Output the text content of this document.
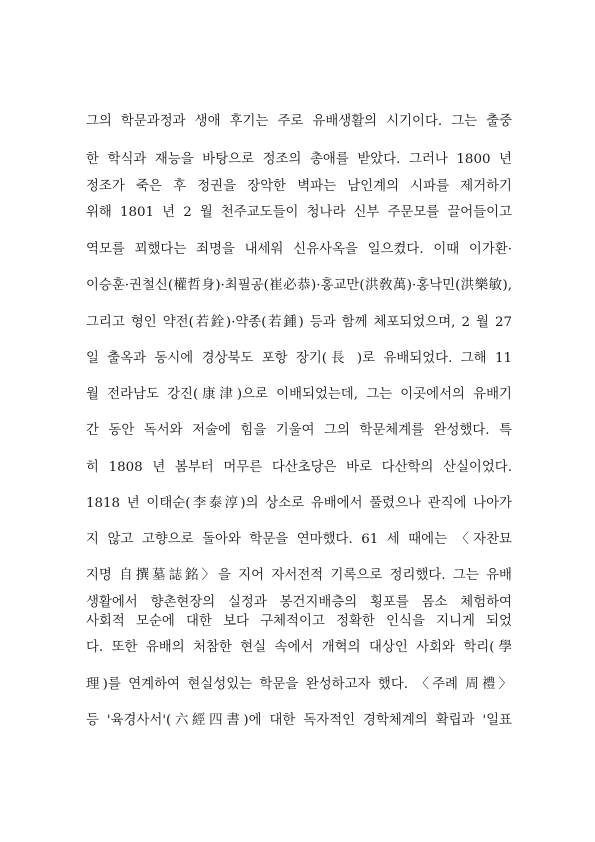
그의 학문과정과 생애 후기는 주로 유배생활의 시기이다. 그는 출중
한 학식과 재능을 바탕으로 정조의 총애를 받았다. 그러나 1800 년
정조가 죽은 후 정권을 장악한 벽파는 남인계의 시파를 제거하기
위해 1801 년 2 월 천주교도들이 청나라 신부 주문모를 끌어들이고
역모를 꾀했다는 죄명을 내세워 신유사옥을 일으켰다. 이때 이가환·
이승훈·권철신(權哲身)·최필공(崔必恭)·홍교만(洪敎萬)·홍낙민(洪樂敏),
그리고 형인 약전(若銓)·약종(若鍾) 등과 함께 체포되었으며, 2 월 27
일 출옥과 동시에 경상북도 포항 장기(長 )로 유배되었다. 그해 11
월 전라남도 강진(康津)으로 이배되었는데, 그는 이곳에서의 유배기
간 동안 독서와 저술에 힘을 기울여 그의 학문체계를 완성했다. 특
히 1808 년 봄부터 머무른 다산초당은 바로 다산학의 산실이었다.
1818 년 이태순(李泰淳)의 상소로 유배에서 풀렸으나 관직에 나아가
지 않고 고향으로 돌아와 학문을 연마했다. 61 세 때에는 〈자찬묘
지명 自撰墓誌銘〉을 지어 자서전적 기록으로 정리했다. 그는 유배
생활에서 향촌현장의 실정과 봉건지배층의 횡포를 몸소 체험하여
사회적 모순에 대한 보다 구체적이고 정확한 인식을 지니게 되었
다. 또한 유배의 처참한 현실 속에서 개혁의 대상인 사회와 학리(學
理)를 연계하여 현실성있는 학문을 완성하고자 했다. 〈주례 周禮〉
등 '육경사서'(六經四書)에 대한 독자적인 경학체계의 확립과 '일표
